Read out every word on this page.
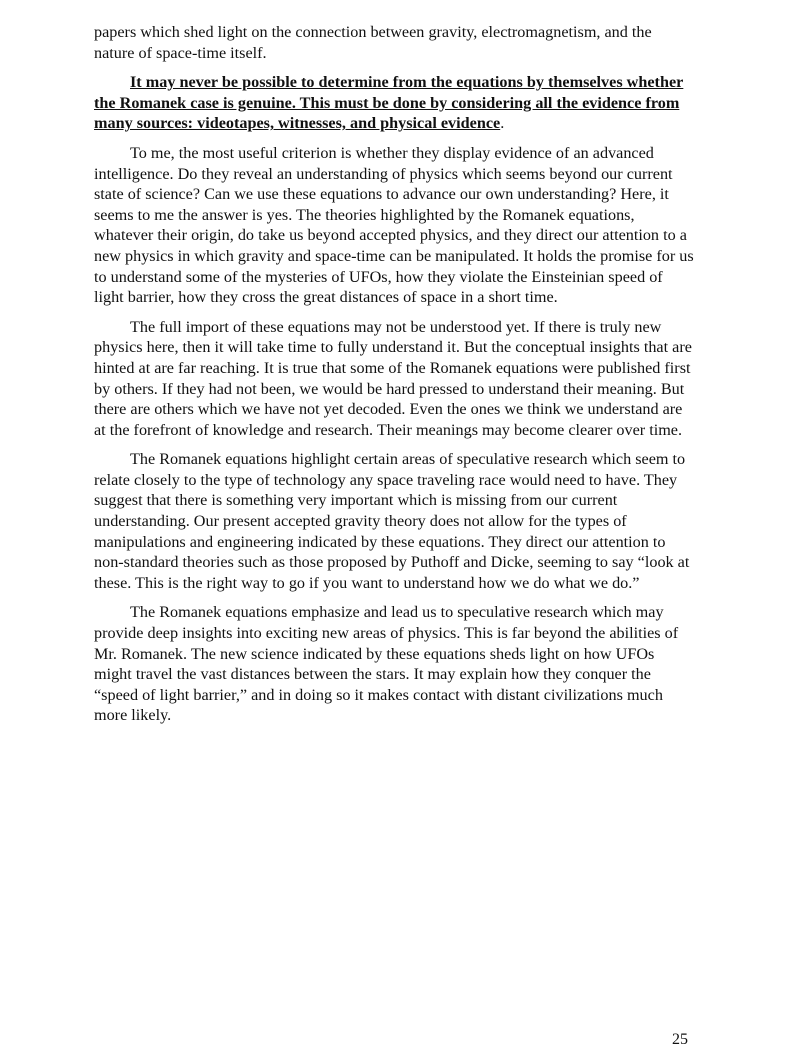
papers which shed light on the connection between gravity, electromagnetism, and the nature of space-time itself.

It may never be possible to determine from the equations by themselves whether the Romanek case is genuine. This must be done by considering all the evidence from many sources: videotapes, witnesses, and physical evidence.

To me, the most useful criterion is whether they display evidence of an advanced intelligence. Do they reveal an understanding of physics which seems beyond our current state of science? Can we use these equations to advance our own understanding? Here, it seems to me the answer is yes. The theories highlighted by the Romanek equations, whatever their origin, do take us beyond accepted physics, and they direct our attention to a new physics in which gravity and space-time can be manipulated. It holds the promise for us to understand some of the mysteries of UFOs, how they violate the Einsteinian speed of light barrier, how they cross the great distances of space in a short time.

The full import of these equations may not be understood yet. If there is truly new physics here, then it will take time to fully understand it. But the conceptual insights that are hinted at are far reaching. It is true that some of the Romanek equations were published first by others. If they had not been, we would be hard pressed to understand their meaning. But there are others which we have not yet decoded. Even the ones we think we understand are at the forefront of knowledge and research. Their meanings may become clearer over time.

The Romanek equations highlight certain areas of speculative research which seem to relate closely to the type of technology any space traveling race would need to have. They suggest that there is something very important which is missing from our current understanding. Our present accepted gravity theory does not allow for the types of manipulations and engineering indicated by these equations. They direct our attention to non-standard theories such as those proposed by Puthoff and Dicke, seeming to say “look at these. This is the right way to go if you want to understand how we do what we do.”

The Romanek equations emphasize and lead us to speculative research which may provide deep insights into exciting new areas of physics. This is far beyond the abilities of Mr. Romanek. The new science indicated by these equations sheds light on how UFOs might travel the vast distances between the stars. It may explain how they conquer the “speed of light barrier,” and in doing so it makes contact with distant civilizations much more likely.

25
